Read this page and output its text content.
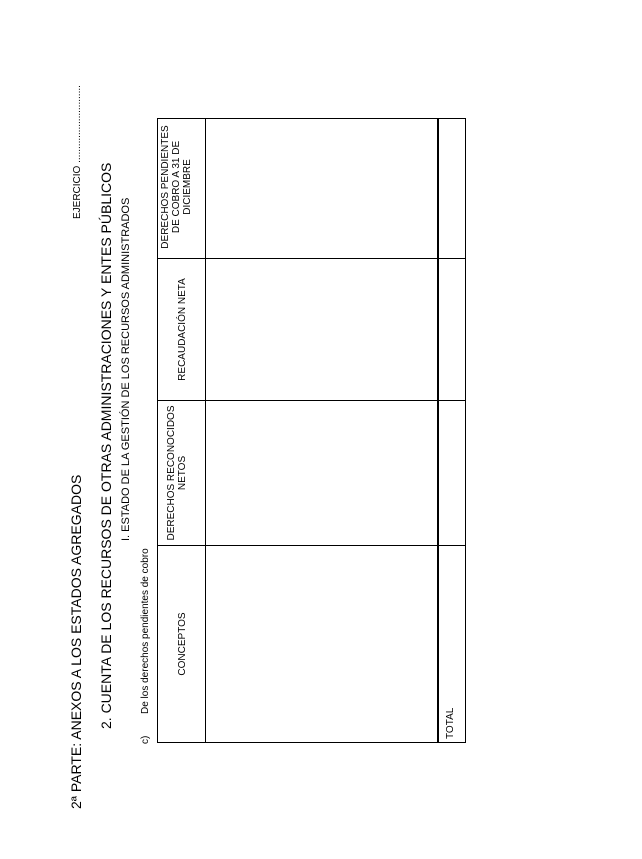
2ª PARTE: ANEXOS A LOS ESTADOS AGREGADOS 2. CUENTA DE LOS RECURSOS DE OTRAS ADMINISTRACIONES Y ENTES PÚBLICOS I. ESTADO DE LA GESTIÓN DE LOS RECURSOS ADMINISTRADOS
c)
De los derechos pendientes de cobro
EJERCICIO ............................
CONCEPTOS
DERECHOS RECONOCIDOS NETOS
RECAUDACIÓN NETA
DERECHOS PENDIENTES DE COBRO A 31 DE DICIEMBRE
TOTAL
